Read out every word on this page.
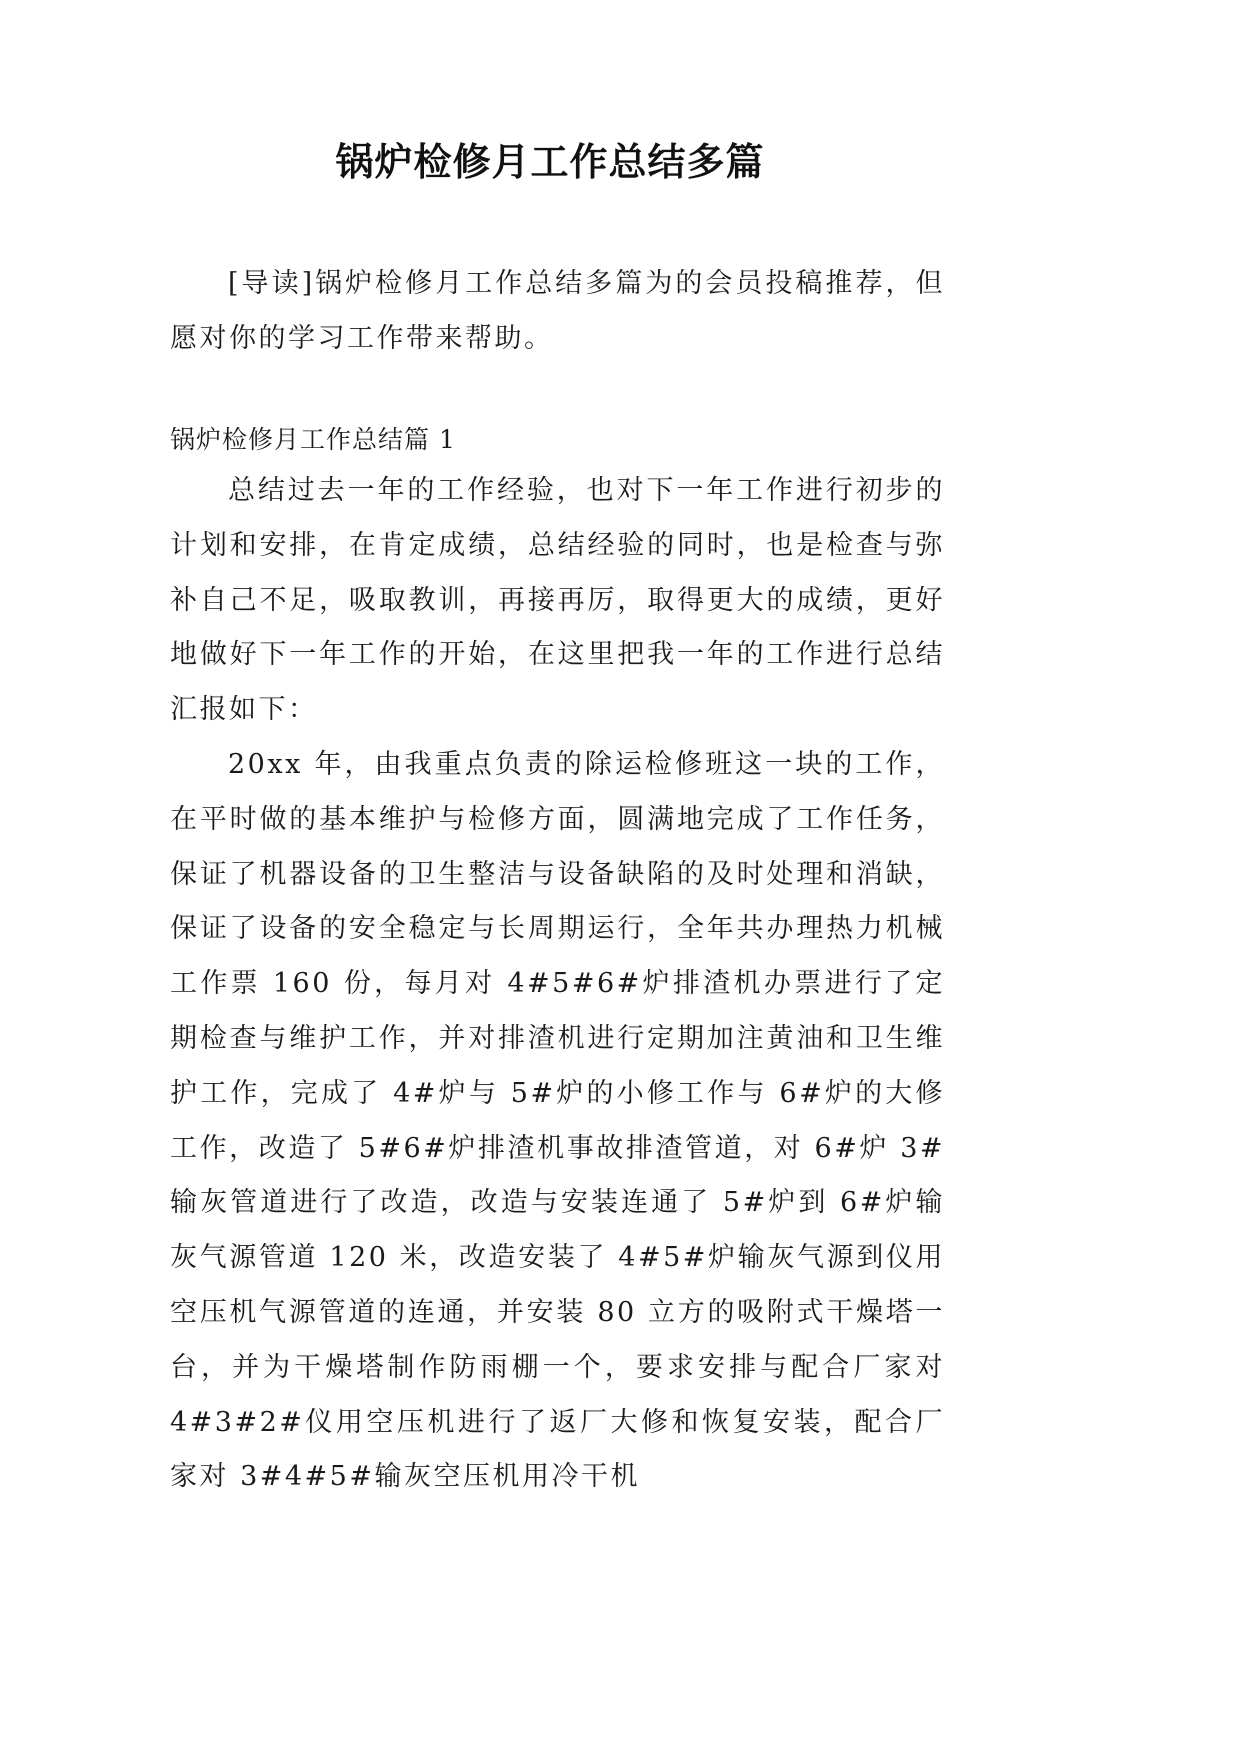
锅炉检修月工作总结多篇

[导读]锅炉检修月工作总结多篇为的会员投稿推荐，但愿对你的学习工作带来帮助。

锅炉检修月工作总结篇 1

总结过去一年的工作经验，也对下一年工作进行初步的计划和安排，在肯定成绩，总结经验的同时，也是检查与弥补自己不足，吸取教训，再接再厉，取得更大的成绩，更好地做好下一年工作的开始，在这里把我一年的工作进行总结汇报如下：

20xx 年，由我重点负责的除运检修班这一块的工作，在平时做的基本维护与检修方面，圆满地完成了工作任务，保证了机器设备的卫生整洁与设备缺陷的及时处理和消缺，保证了设备的安全稳定与长周期运行，全年共办理热力机械工作票 160 份，每月对 4#5#6#炉排渣机办票进行了定期检查与维护工作，并对排渣机进行定期加注黄油和卫生维护工作，完成了 4#炉与 5#炉的小修工作与 6#炉的大修工作，改造了 5#6#炉排渣机事故排渣管道，对 6#炉 3#输灰管道进行了改造，改造与安装连通了 5#炉到 6#炉输灰气源管道 120 米，改造安装了 4#5#炉输灰气源到仪用空压机气源管道的连通，并安装 80 立方的吸附式干燥塔一台，并为干燥塔制作防雨棚一个，要求安排与配合厂家对 4#3#2#仪用空压机进行了返厂大修和恢复安装，配合厂家对 3#4#5#输灰空压机用冷干机
